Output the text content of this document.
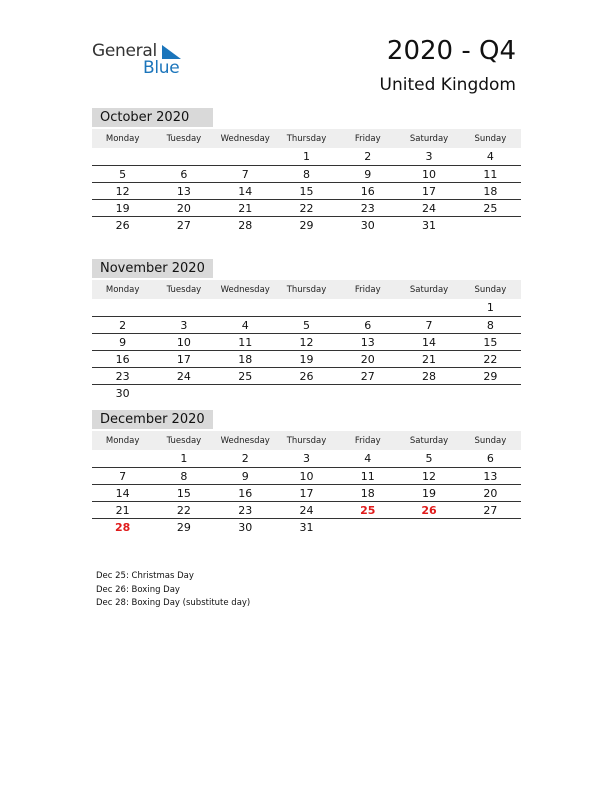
General
Blue
2020 - Q4
United Kingdom
October 2020
Monday	Tuesday	Wednesday	Thursday	Friday	Saturday	Sunday
			1	2	3	4
5	6	7	8	9	10	11
12	13	14	15	16	17	18
19	20	21	22	23	24	25
26	27	28	29	30	31	
November 2020
Monday	Tuesday	Wednesday	Thursday	Friday	Saturday	Sunday
						1
2	3	4	5	6	7	8
9	10	11	12	13	14	15
16	17	18	19	20	21	22
23	24	25	26	27	28	29
30						
December 2020
Monday	Tuesday	Wednesday	Thursday	Friday	Saturday	Sunday
	1	2	3	4	5	6
7	8	9	10	11	12	13
14	15	16	17	18	19	20
21	22	23	24	25	26	27
28	29	30	31			
Dec 25: Christmas Day
Dec 26: Boxing Day
Dec 28: Boxing Day (substitute day)
